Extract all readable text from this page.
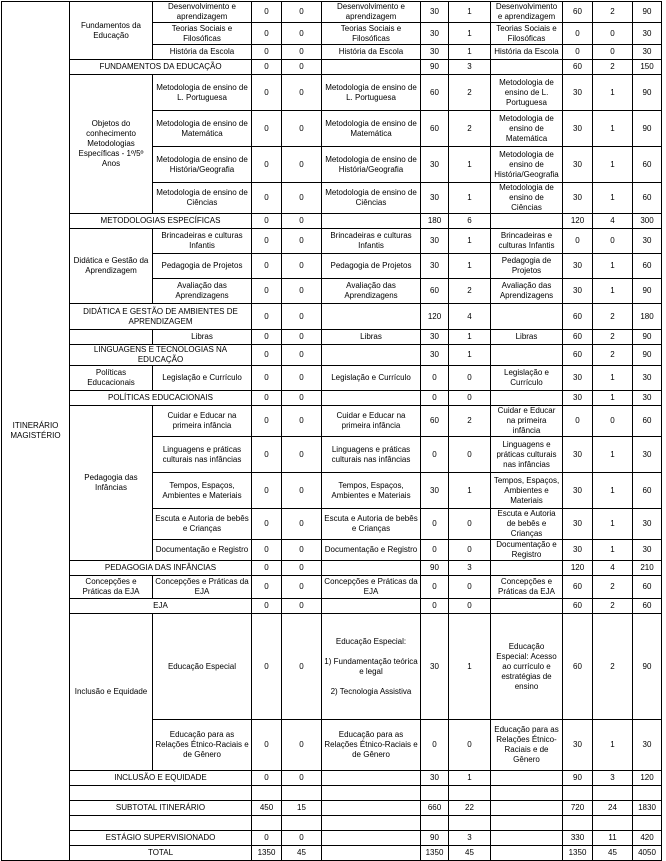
ITINERÁRIO
MAGISTÉRIO	Fundamentos da Educação	Desenvolvimento e aprendizagem	0	0	Desenvolvimento e aprendizagem	30	1	Desenvolvimento e aprendizagem	60	2	90
		Teorias Sociais e Filosóficas	0	0	Teorias Sociais e Filosóficas	30	1	Teorias Sociais e Filosóficas	0	0	30
		História da Escola	0	0	História da Escola	30	1	História da Escola	0	0	30
	FUNDAMENTOS DA EDUCAÇÃO		0	0		90	3		60	2	150
	Objetos do conhecimento Metodologias Específicas - 1º/5º Anos	Metodologia de ensino de L. Portuguesa	0	0	Metodologia de ensino de L. Portuguesa	60	2	Metodologia de ensino de L. Portuguesa	30	1	90
		Metodologia de ensino de Matemática	0	0	Metodologia de ensino de Matemática	60	2	Metodologia de ensino de Matemática	30	1	90
		Metodologia de ensino de História/Geografia	0	0	Metodologia de ensino de História/Geografia	30	1	Metodologia de ensino de História/Geografia	30	1	60
		Metodologia de ensino de Ciências	0	0	Metodologia de ensino de Ciências	30	1	Metodologia de ensino de Ciências	30	1	60
	METODOLOGIAS ESPECÍFICAS		0	0		180	6		120	4	300
	Didática e Gestão da Aprendizagem	Brincadeiras e culturas Infantis	0	0	Brincadeiras e culturas Infantis	30	1	Brincadeiras e culturas Infantis	0	0	30
		Pedagogia de Projetos	0	0	Pedagogia de Projetos	30	1	Pedagogia de Projetos	30	1	60
		Avaliação das Aprendizagens	0	0	Avaliação das Aprendizagens	60	2	Avaliação das Aprendizagens	30	1	90
	DIDÁTICA E GESTÃO DE AMBIENTES DE APRENDIZAGEM		0	0		120	4		60	2	180
		Libras	0	0	Libras	30	1	Libras	60	2	90
	LINGUAGENS E TECNOLOGIAS NA EDUCAÇÃO		0	0		30	1		60	2	90
	Políticas Educacionais	Legislação e Currículo	0	0	Legislação e Currículo	0	0	Legislação e Currículo	30	1	30
	POLÍTICAS EDUCACIONAIS		0	0		0	0		30	1	30
	Pedagogia das Infâncias	Cuidar e Educar na primeira infância	0	0	Cuidar e Educar na primeira infância	60	2	Cuidar e Educar na primeira infância	0	0	60
		Linguagens e práticas culturais nas infâncias	0	0	Linguagens e práticas culturais nas infâncias	0	0	Linguagens e práticas culturais nas infâncias	30	1	30
		Tempos, Espaços, Ambientes e Materiais	0	0	Tempos, Espaços, Ambientes e Materiais	30	1	Tempos, Espaços, Ambientes e Materiais	30	1	60
		Escuta e Autoria de bebês e Crianças	0	0	Escuta e Autoria de bebês e Crianças	0	0	Escuta e Autoria de bebês e Crianças	30	1	30
		Documentação e Registro	0	0	Documentação e Registro	0	0	Documentação e Registro	30	1	30
	PEDAGOGIA DAS INFÂNCIAS		0	0		90	3		120	4	210
	Concepções e Práticas da EJA	Concepções e Práticas da EJA	0	0	Concepções e Práticas da EJA	0	0	Concepções e Práticas da EJA	60	2	60
	EJA		0	0		0	0		60	2	60
	Inclusão e Equidade	Educação Especial	0	0	Educação Especial:

1) Fundamentação teórica e legal

2) Tecnologia Assistiva	30	1	Educação Especial: Acesso ao currículo e estratégias de ensino	60	2	90
		Educação para as Relações Étnico-Raciais e de Gênero	0	0	Educação para as Relações Étnico-Raciais e de Gênero	0	0	Educação para as Relações Étnico-Raciais e de Gênero	30	1	30
	INCLUSÃO E EQUIDADE		0	0		30	1		90	3	120

	SUBTOTAL ITINERÁRIO		450	15		660	22		720	24	1830

	ESTÁGIO SUPERVISIONADO		0	0		90	3		330	11	420
	TOTAL		1350	45		1350	45		1350	45	4050
